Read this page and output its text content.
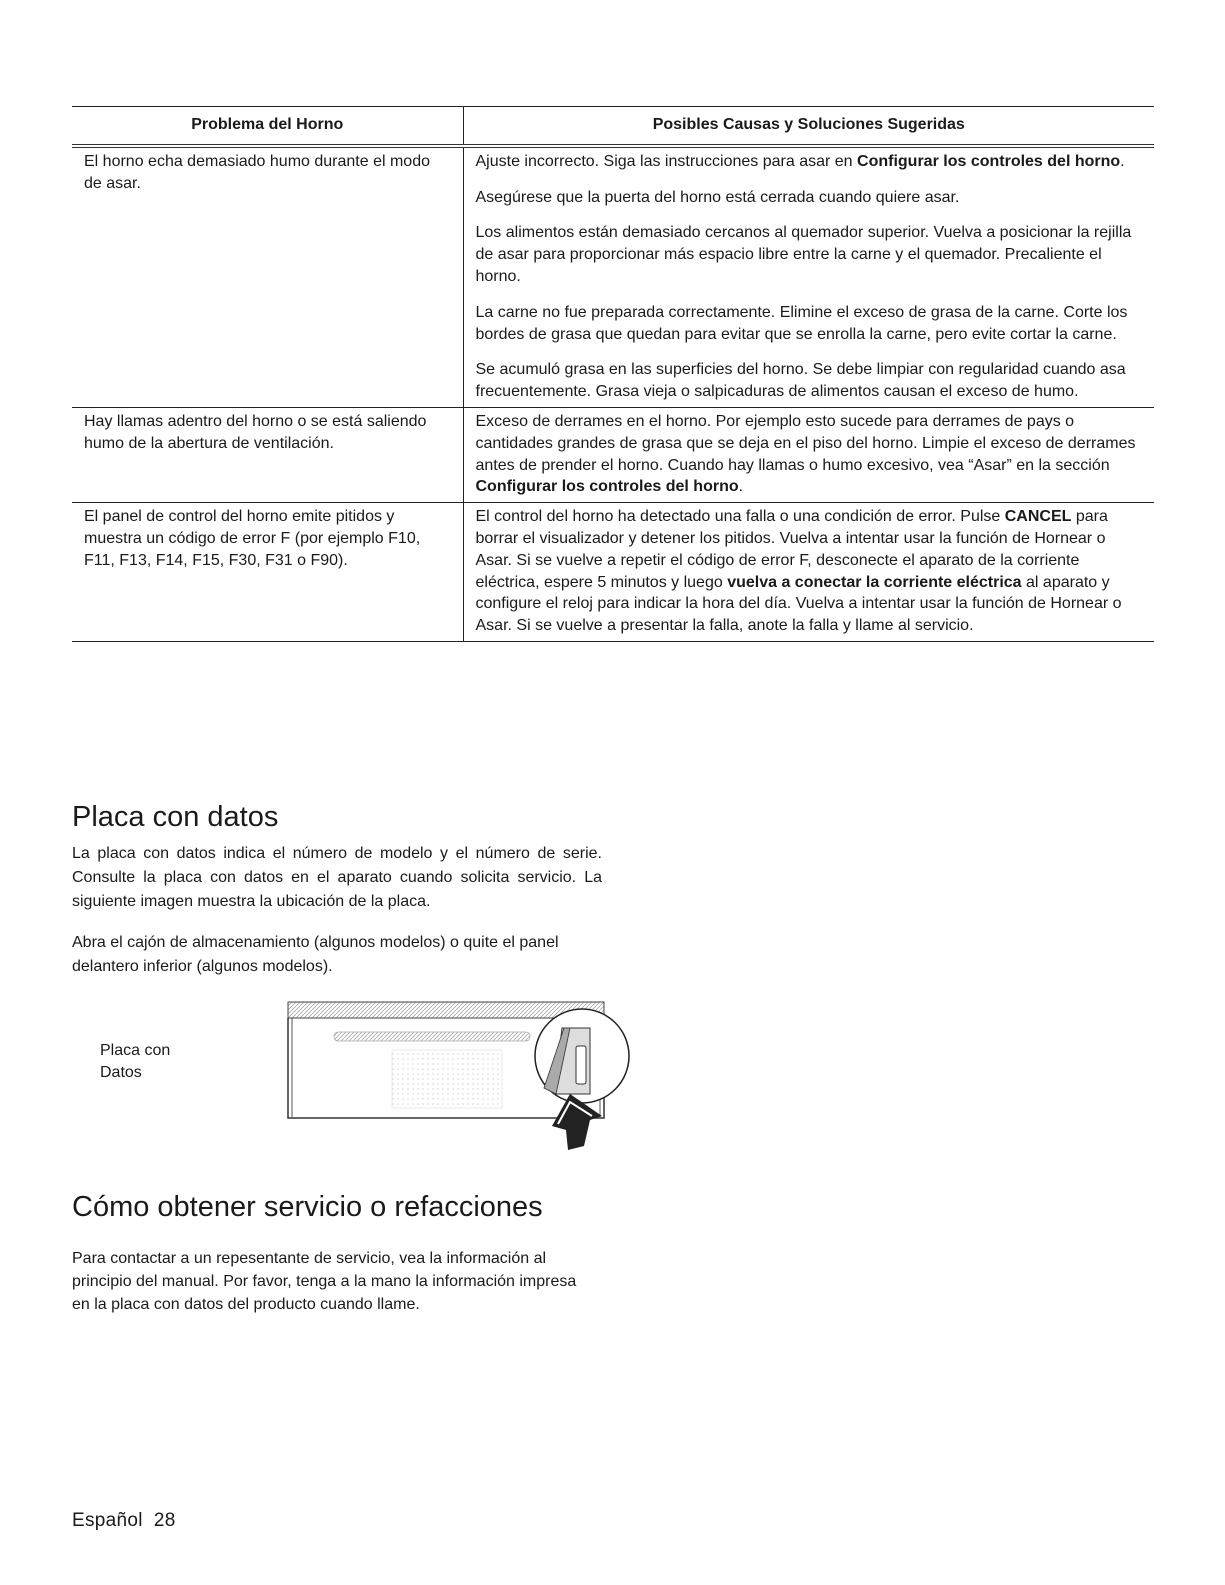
Problema del Horno	Posibles Causas y Soluciones Sugeridas
El horno echa demasiado humo durante el modo de asar.	Ajuste incorrecto. Siga las instrucciones para asar en Configurar los controles del horno.

Asegúrese que la puerta del horno está cerrada cuando quiere asar.

Los alimentos están demasiado cercanos al quemador superior. Vuelva a posicionar la rejilla de asar para proporcionar más espacio libre entre la carne y el quemador. Precaliente el horno.

La carne no fue preparada correctamente. Elimine el exceso de grasa de la carne. Corte los bordes de grasa que quedan para evitar que se enrolla la carne, pero evite cortar la carne.

Se acumuló grasa en las superficies del horno. Se debe limpiar con regularidad cuando asa frecuentemente. Grasa vieja o salpicaduras de alimentos causan el exceso de humo.

Hay llamas adentro del horno o se está saliendo humo de la abertura de ventilación.	Exceso de derrames en el horno. Por ejemplo esto sucede para derrames de pays o cantidades grandes de grasa que se deja en el piso del horno. Limpie el exceso de derrames antes de prender el horno. Cuando hay llamas o humo excesivo, vea “Asar” en la sección Configurar los controles del horno.

El panel de control del horno emite pitidos y muestra un código de error F (por ejemplo F10, F11, F13, F14, F15, F30, F31 o F90).	El control del horno ha detectado una falla o una condición de error. Pulse CANCEL para borrar el visualizador y detener los pitidos. Vuelva a intentar usar la función de Hornear o Asar. Si se vuelve a repetir el código de error F, desconecte el aparato de la corriente eléctrica, espere 5 minutos y luego vuelva a conectar la corriente eléctrica al aparato y configure el reloj para indicar la hora del día. Vuelva a intentar usar la función de Hornear o Asar. Si se vuelve a presentar la falla, anote la falla y llame al servicio.

Placa con datos

La placa con datos indica el número de modelo y el número de serie. Consulte la placa con datos en el aparato cuando solicita servicio. La siguiente imagen muestra la ubicación de la placa.

Abra el cajón de almacenamiento (algunos modelos) o quite el panel delantero inferior (algunos modelos).

Placa con
Datos
Cómo obtener servicio o refacciones

Para contactar a un repesentante de servicio, vea la información al principio del manual. Por favor, tenga a la mano la información impresa en la placa con datos del producto cuando llame.

Español  28
